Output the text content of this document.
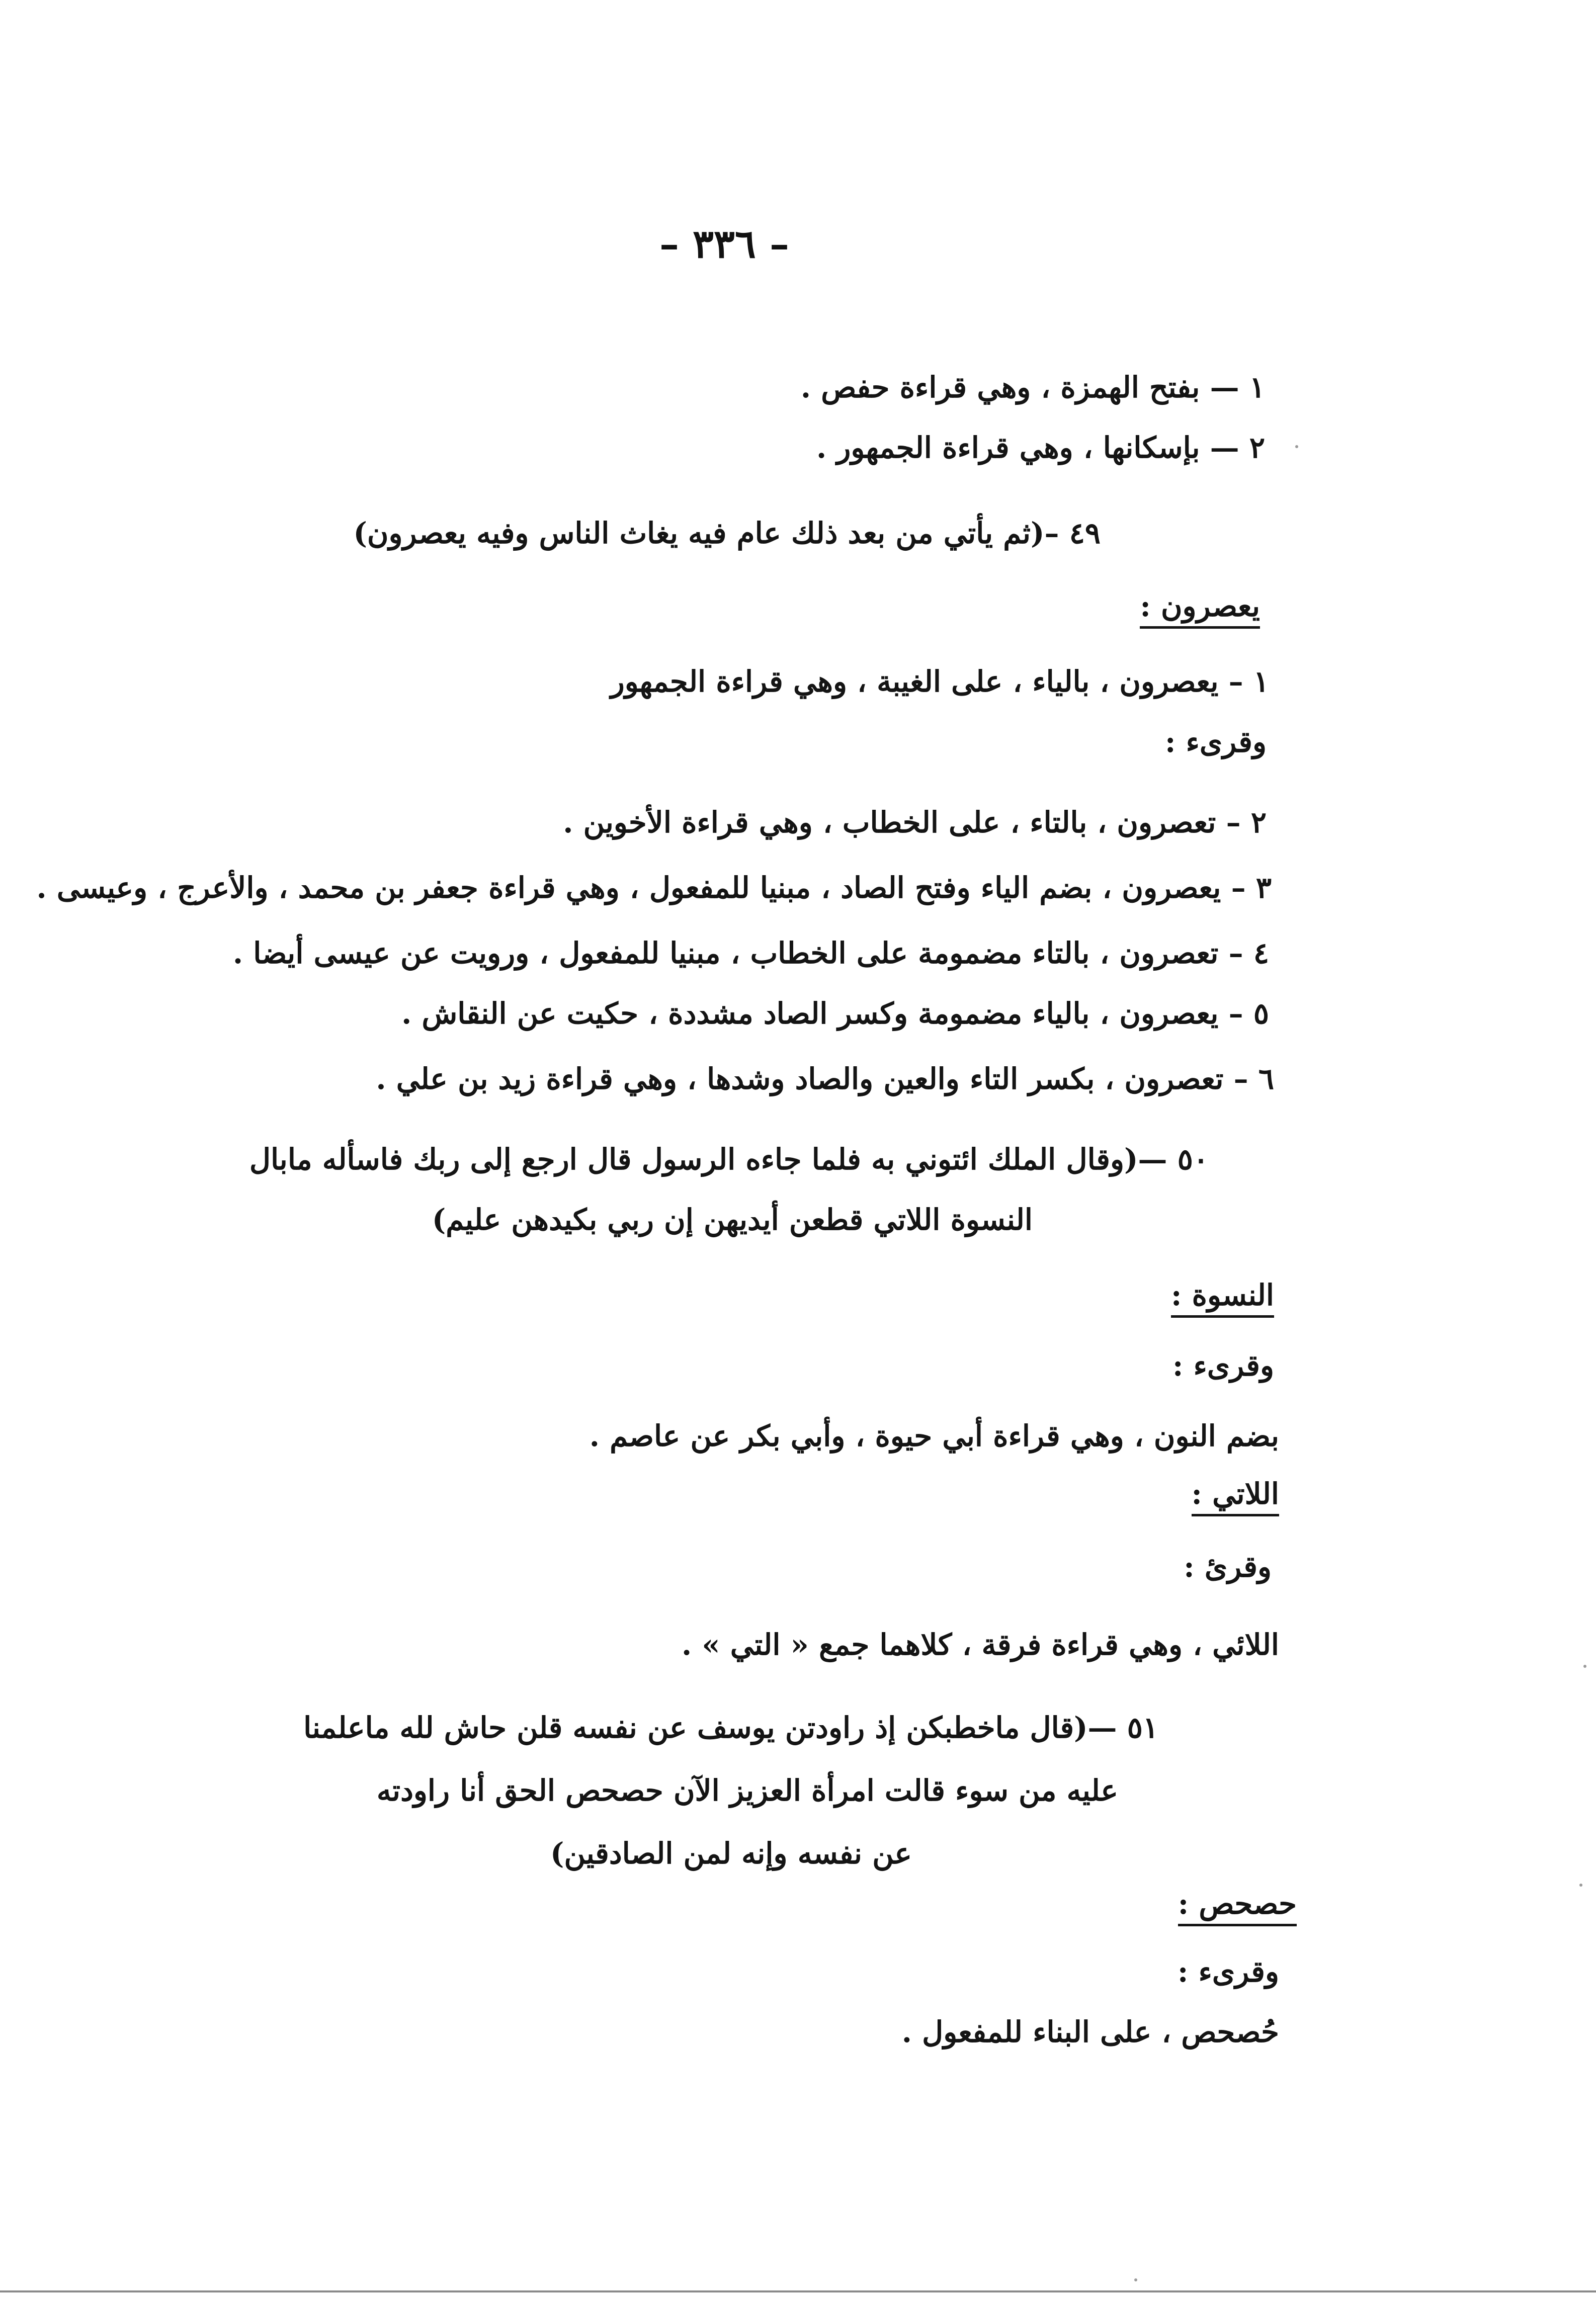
– ٣٣٦ –
١ — بفتح الهمزة ، وهي قراءة حفص .
٢ — بإسكانها ، وهي قراءة الجمهور .
٤٩ –(ثم يأتي من بعد ذلك عام فيه يغاث الناس وفيه يعصرون)
يعصرون :
١ – يعصرون ، بالياء ، على الغيبة ، وهي قراءة الجمهور
وقرىء :
٢ – تعصرون ، بالتاء ، على الخطاب ، وهي قراءة الأخوين .
٣ – يعصرون ، بضم الياء وفتح الصاد ، مبنيا للمفعول ، وهي قراءة جعفر بن محمد ، والأعرج ، وعيسى .
٤ – تعصرون ، بالتاء مضمومة على الخطاب ، مبنيا للمفعول ، ورويت عن عيسى أيضا .
٥ – يعصرون ، بالياء مضمومة وكسر الصاد مشددة ، حكيت عن النقاش .
٦ – تعصرون ، بكسر التاء والعين والصاد وشدها ، وهي قراءة زيد بن علي .
٥٠ —(وقال الملك ائتوني به فلما جاءه الرسول قال ارجع إلى ربك فاسأله مابال
النسوة اللاتي قطعن أيديهن إن ربي بكيدهن عليم)
النسوة :
وقرىء :
بضم النون ، وهي قراءة أبي حيوة ، وأبي بكر عن عاصم .
اللاتي :
وقرئ :
اللائي ، وهي قراءة فرقة ، كلاهما جمع « التي » .
٥١ —(قال ماخطبكن إذ راودتن يوسف عن نفسه قلن حاش لله ماعلمنا
عليه من سوء قالت امرأة العزيز الآن حصحص الحق أنا راودته
عن نفسه وإنه لمن الصادقين)
حصحص :
وقرىء :
حُصحص ، على البناء للمفعول .
